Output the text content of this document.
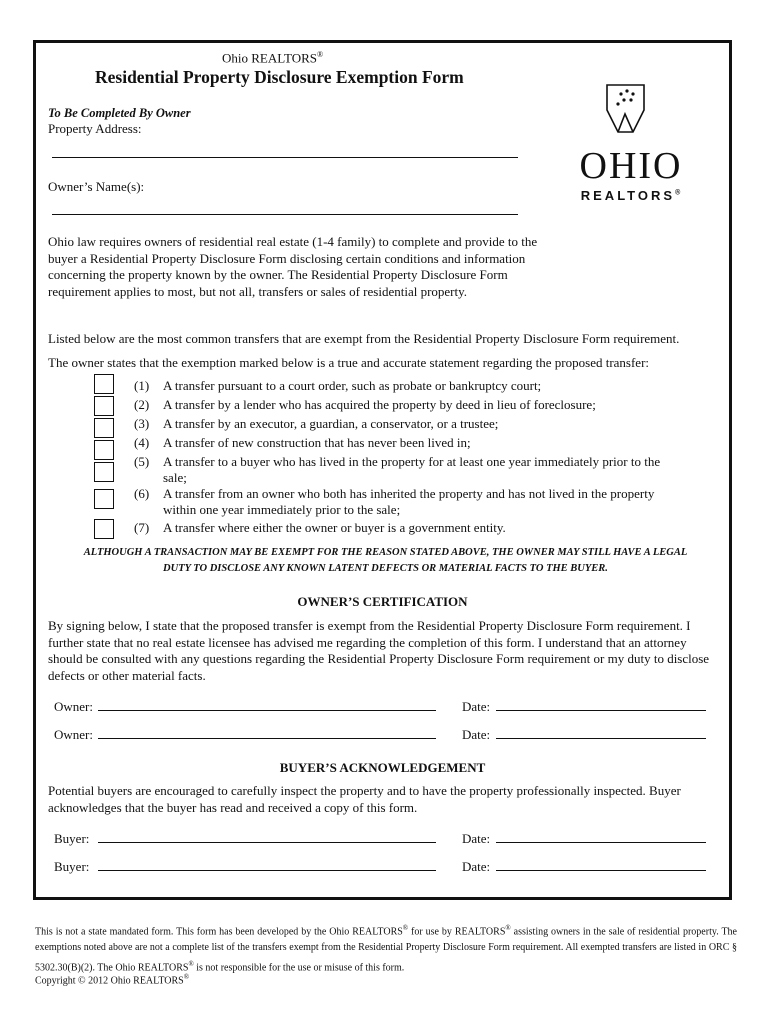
Ohio REALTORS®
Residential Property Disclosure Exemption Form
To Be Completed By Owner
Property Address:
Owner’s Name(s):	OHIO
REALTORS®
Ohio law requires owners of residential real estate (1-4 family) to complete and provide to the buyer a Residential Property Disclosure Form disclosing certain conditions and information concerning the property known by the owner. The Residential Property Disclosure Form requirement applies to most, but not all, transfers or sales of residential property.
Listed below are the most common transfers that are exempt from the Residential Property Disclosure Form requirement.
The owner states that the exemption marked below is a true and accurate statement regarding the proposed transfer:
(1) A transfer pursuant to a court order, such as probate or bankruptcy court;
(2) A transfer by a lender who has acquired the property by deed in lieu of foreclosure;
(3) A transfer by an executor, a guardian, a conservator, or a trustee;
(4) A transfer of new construction that has never been lived in;
(5) A transfer to a buyer who has lived in the property for at least one year immediately prior to the
sale;
(6) A transfer from an owner who both has inherited the property and has not lived in the property
within one year immediately prior to the sale;
(7) A transfer where either the owner or buyer is a government entity.
ALTHOUGH A TRANSACTION MAY BE EXEMPT FOR THE REASON STATED ABOVE, THE OWNER MAY STILL HAVE A LEGAL
DUTY TO DISCLOSE ANY KNOWN LATENT DEFECTS OR MATERIAL FACTS TO THE BUYER.
OWNER’S CERTIFICATION
By signing below, I state that the proposed transfer is exempt from the Residential Property Disclosure Form requirement. I further state that no real estate licensee has advised me regarding the completion of this form. I understand that an attorney should be consulted with any questions regarding the Residential Property Disclosure Form requirement or my duty to disclose defects or other material facts.
Owner:	Date:
Owner:	Date:
BUYER’S ACKNOWLEDGEMENT
Potential buyers are encouraged to carefully inspect the property and to have the property professionally inspected. Buyer acknowledges that the buyer has read and received a copy of this form.
Buyer:	Date:
Buyer:	Date:
This is not a state mandated form. This form has been developed by the Ohio REALTORS® for use by REALTORS® assisting owners in the sale of residential property. The exemptions noted above are not a complete list of the transfers exempt from the Residential Property Disclosure Form requirement. All exempted transfers are listed in ORC § 5302.30(B)(2). The Ohio REALTORS® is not responsible for the use or misuse of this form.
Copyright © 2012 Ohio REALTORS®
